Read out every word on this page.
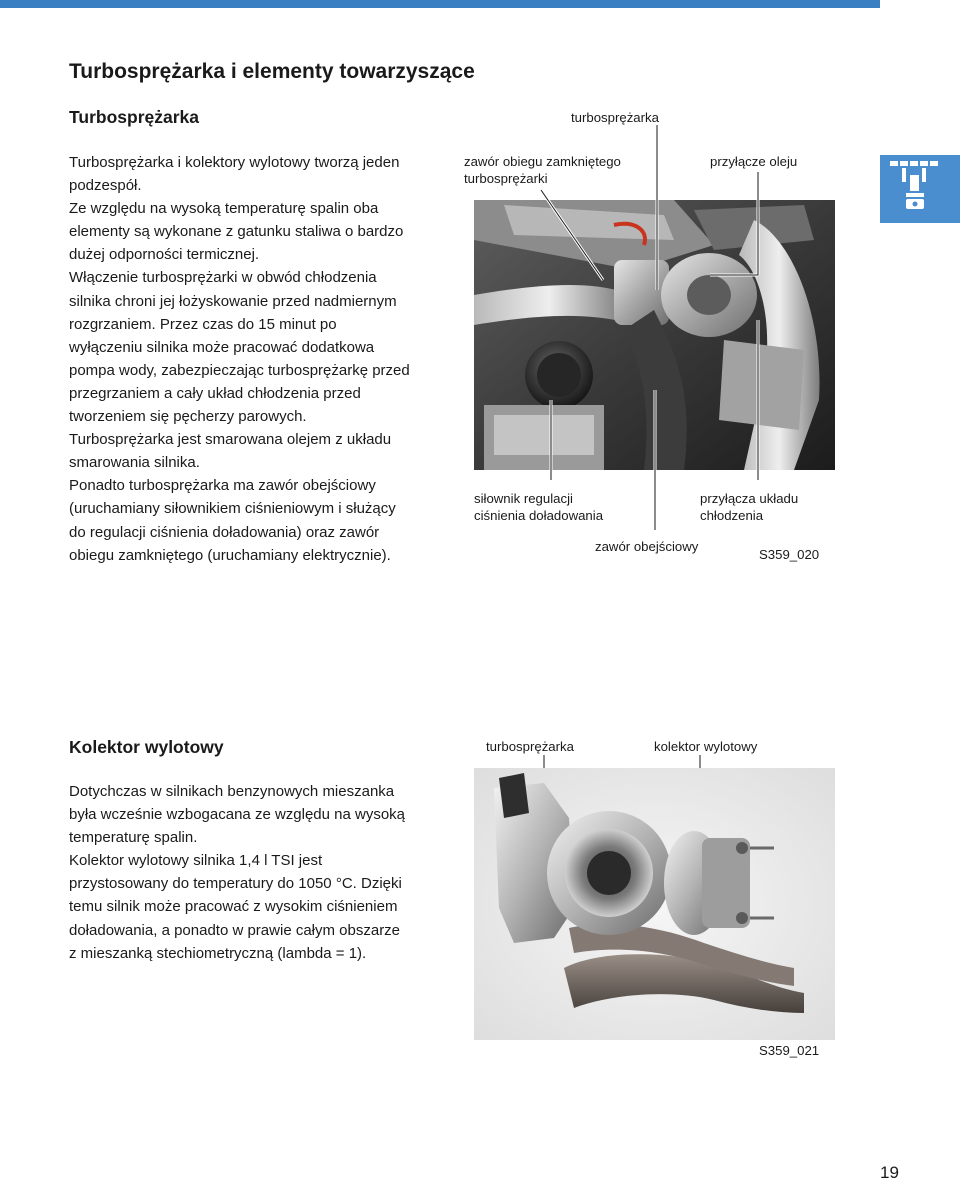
Turbosprężarka i elementy towarzyszące
Turbosprężarka

Turbosprężarka i kolektory wylotowy tworzą jeden

podzespół.

Ze względu na wysoką temperaturę spalin oba

elementy są wykonane z gatunku staliwa o bardzo

dużej odporności termicznej.

Włączenie turbosprężarki w obwód chłodzenia

silnika chroni jej łożyskowanie przed nadmiernym

rozgrzaniem. Przez czas do 15 minut po

wyłączeniu silnika może pracować dodatkowa

pompa wody, zabezpieczając turbosprężarkę przed

przegrzaniem a cały układ chłodzenia przed

tworzeniem się pęcherzy parowych.

Turbosprężarka jest smarowana olejem z układu

smarowania silnika.

Ponadto turbosprężarka ma zawór obejściowy

(uruchamiany siłownikiem ciśnieniowym i służący

do regulacji ciśnienia doładowania) oraz zawór

obiegu zamkniętego (uruchamiany elektrycznie).

turbosprężarka
zawór obiegu zamkniętego
turbosprężarki
przyłącze oleju
siłownik regulacji
ciśnienia doładowania
przyłącza układu
chłodzenia
zawór obejściowy
S359_020
Kolektor wylotowy

Dotychczas w silnikach benzynowych mieszanka

była wcześnie wzbogacana ze względu na wysoką

temperaturę spalin.

Kolektor wylotowy silnika 1,4 l TSI jest

przystosowany do temperatury do 1050 °C. Dzięki

temu silnik może pracować z wysokim ciśnieniem

doładowania, a ponadto w prawie całym obszarze

z mieszanką stechiometryczną (lambda = 1).

turbosprężarka	kolektor wylotowy
S359_021
19
